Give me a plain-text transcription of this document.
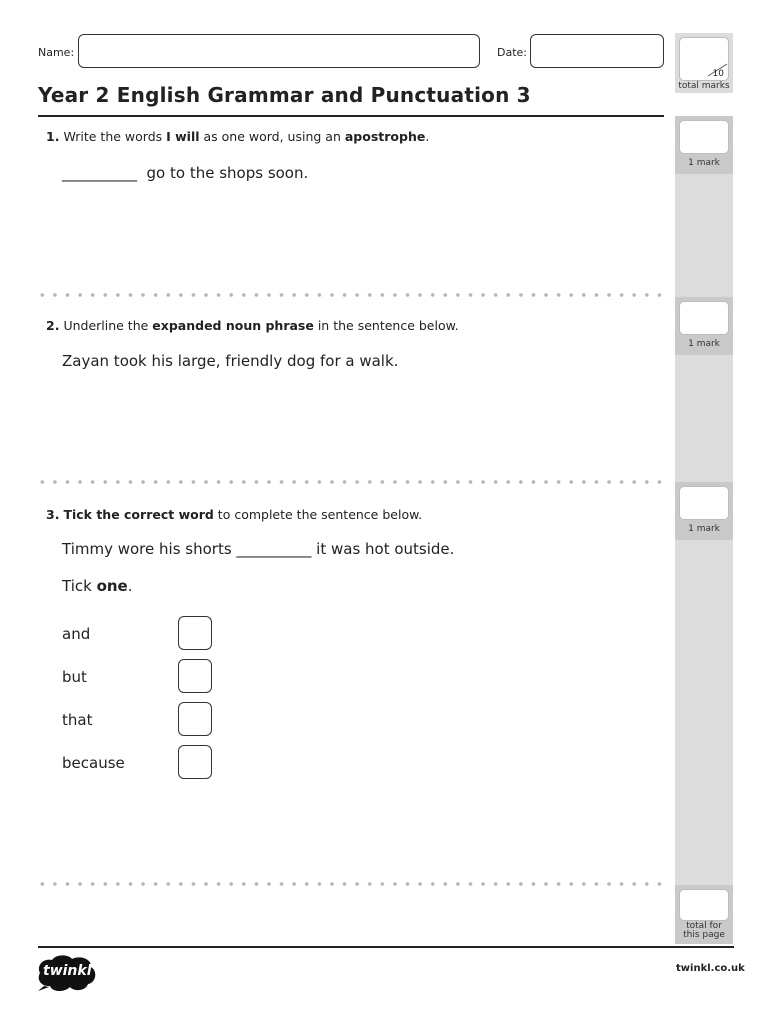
Name:	Date:
Year 2 English Grammar and Punctuation 3
10
total marks
1 mark
1 mark
1 mark
total for
this page
1. Write the words I will as one word, using an apostrophe.
__________  go to the shops soon.
2. Underline the expanded noun phrase in the sentence below.
Zayan took his large, friendly dog for a walk.
3. Tick the correct word to complete the sentence below.
Timmy wore his shorts __________ it was hot outside.
Tick one.
and
but
that
because
twinkl	twinkl.co.uk
